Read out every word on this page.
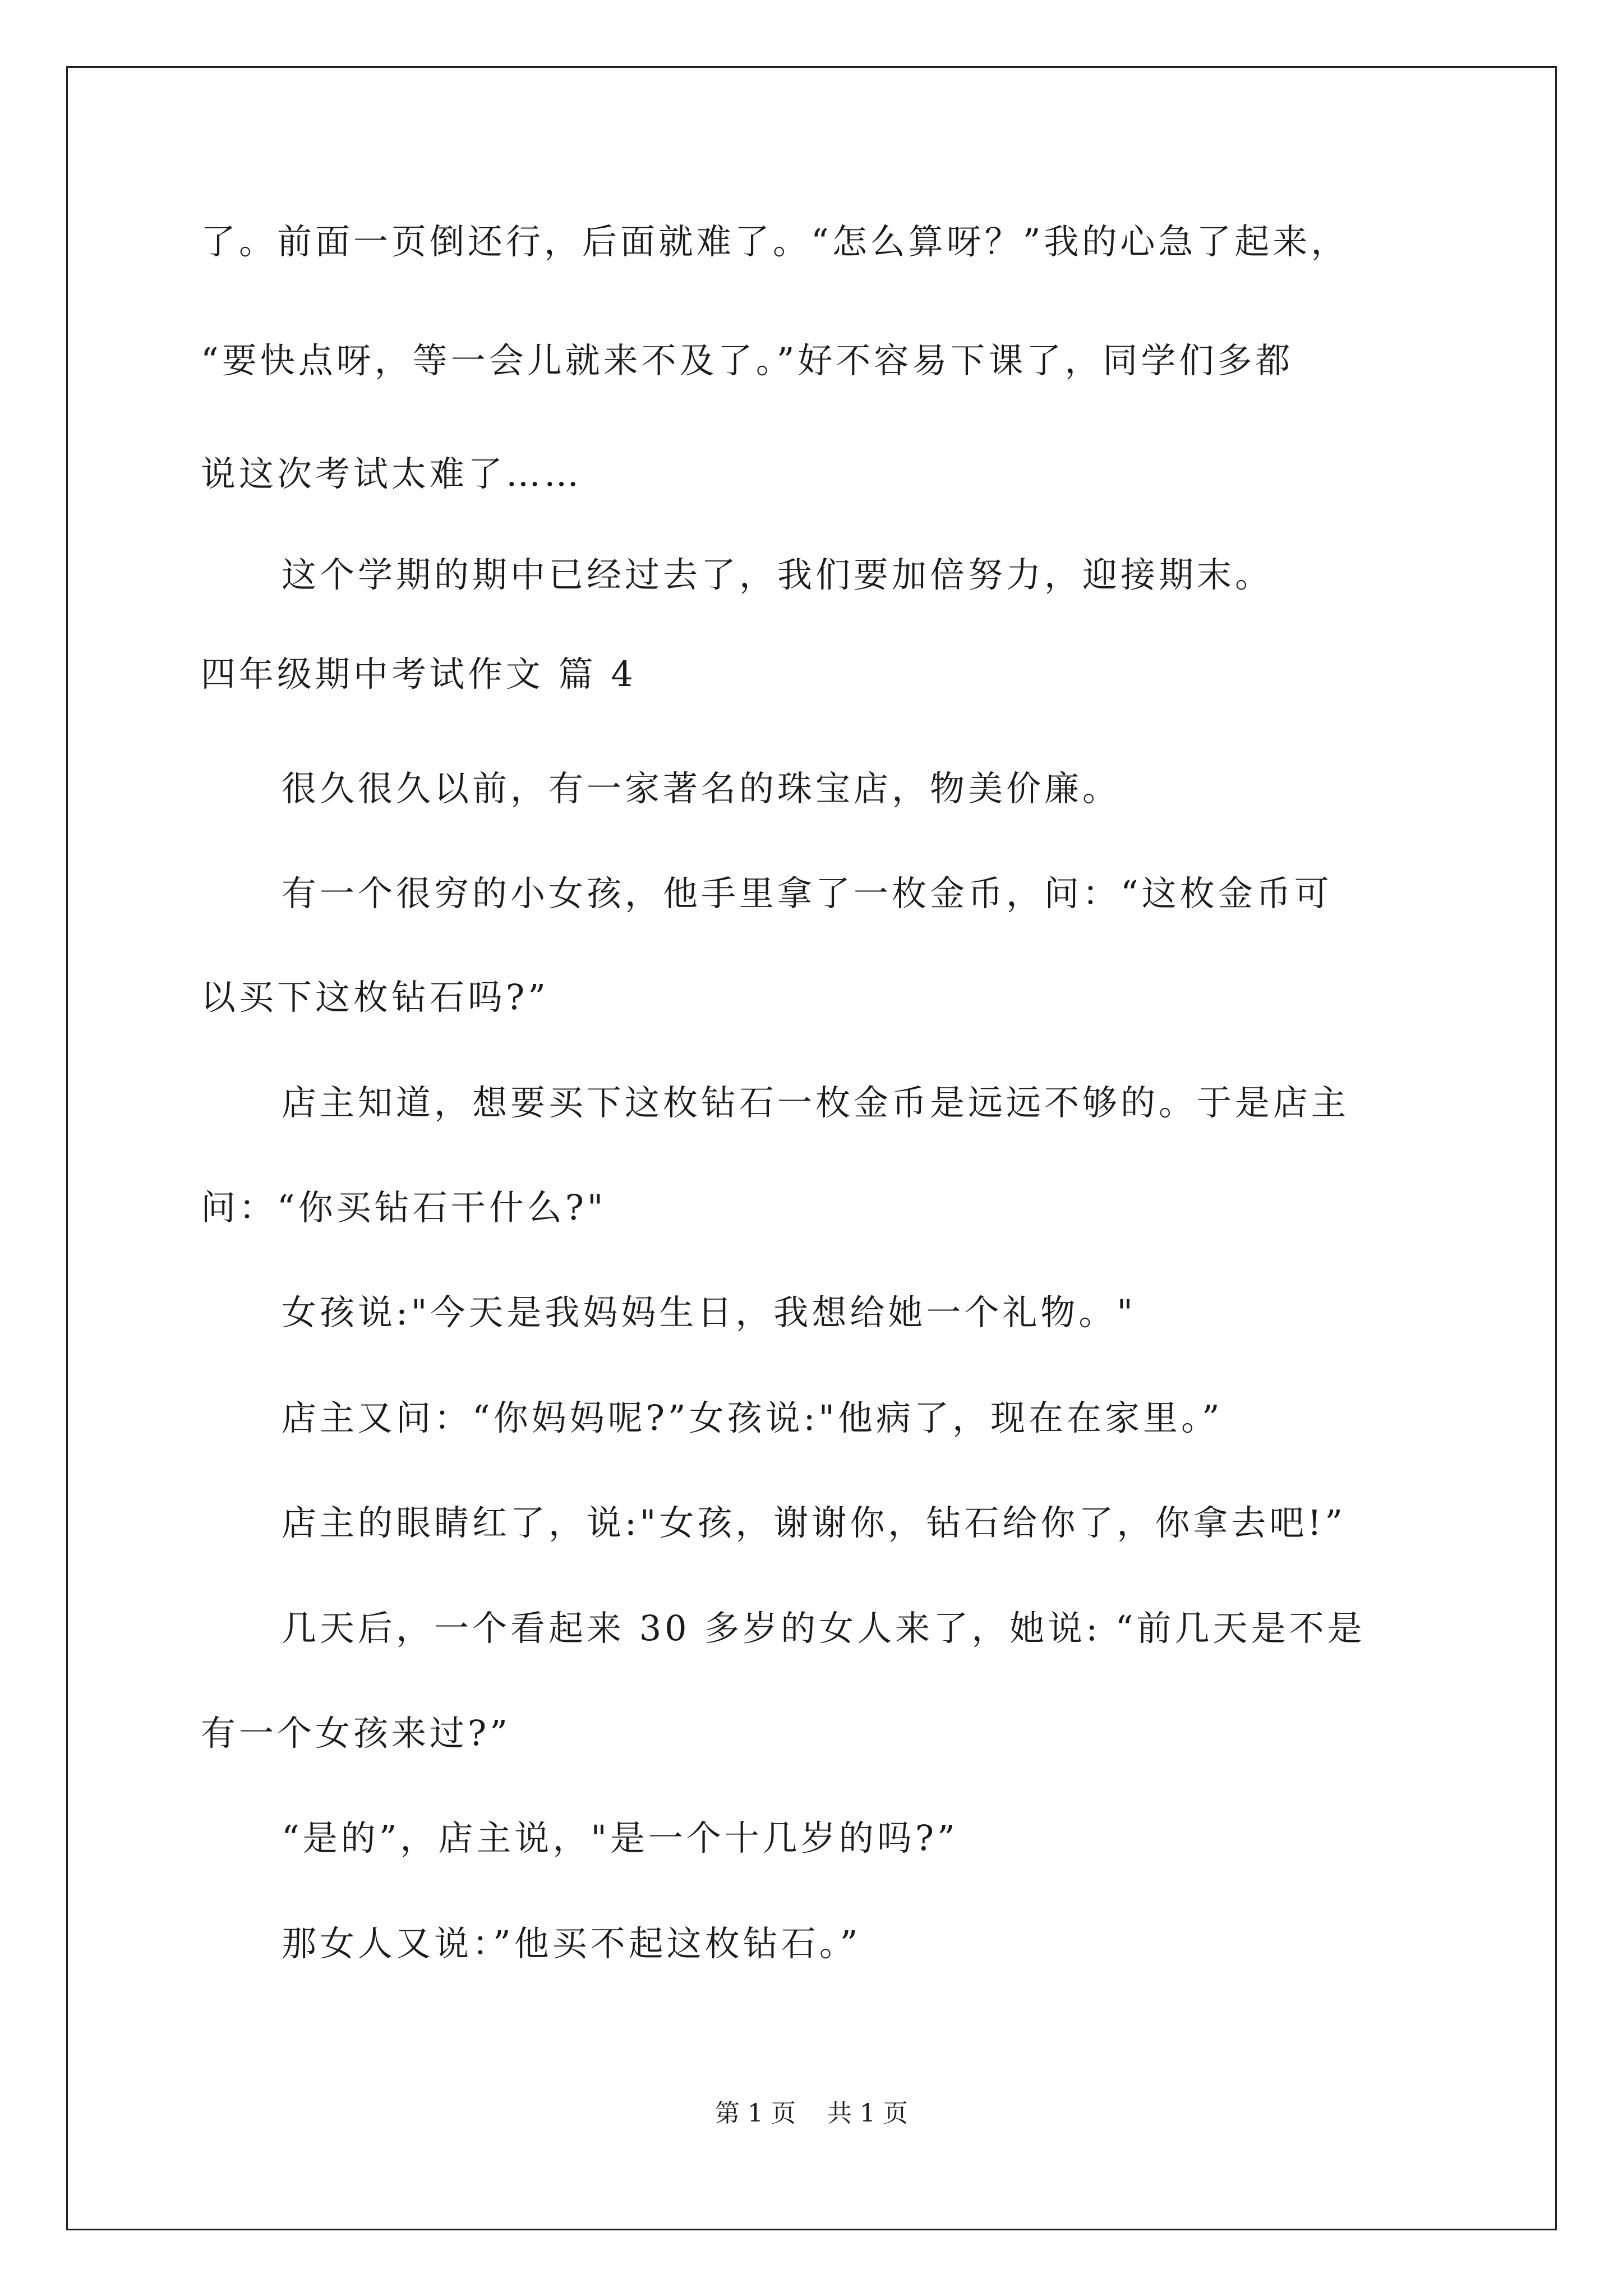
了。前面一页倒还行，后面就难了。“怎么算呀？”我的心急了起来，
“要快点呀，等一会儿就来不及了。”好不容易下课了，同学们多都
说这次考试太难了……
这个学期的期中已经过去了，我们要加倍努力，迎接期末。
四年级期中考试作文 篇 4
很久很久以前，有一家著名的珠宝店，物美价廉。
有一个很穷的小女孩，他手里拿了一枚金币，问：“这枚金币可
以买下这枚钻石吗?”
店主知道，想要买下这枚钻石一枚金币是远远不够的。于是店主
问：“你买钻石干什么?"
女孩说:"今天是我妈妈生日，我想给她一个礼物。"
店主又问：“你妈妈呢?”女孩说:"他病了，现在在家里。”
店主的眼睛红了，说:"女孩，谢谢你，钻石给你了，你拿去吧!”
几天后，一个看起来 30 多岁的女人来了，她说: “前几天是不是
有一个女孩来过?”
“是的”，店主说，"是一个十几岁的吗?”
那女人又说：”他买不起这枚钻石。”
第 1 页    共 1 页
